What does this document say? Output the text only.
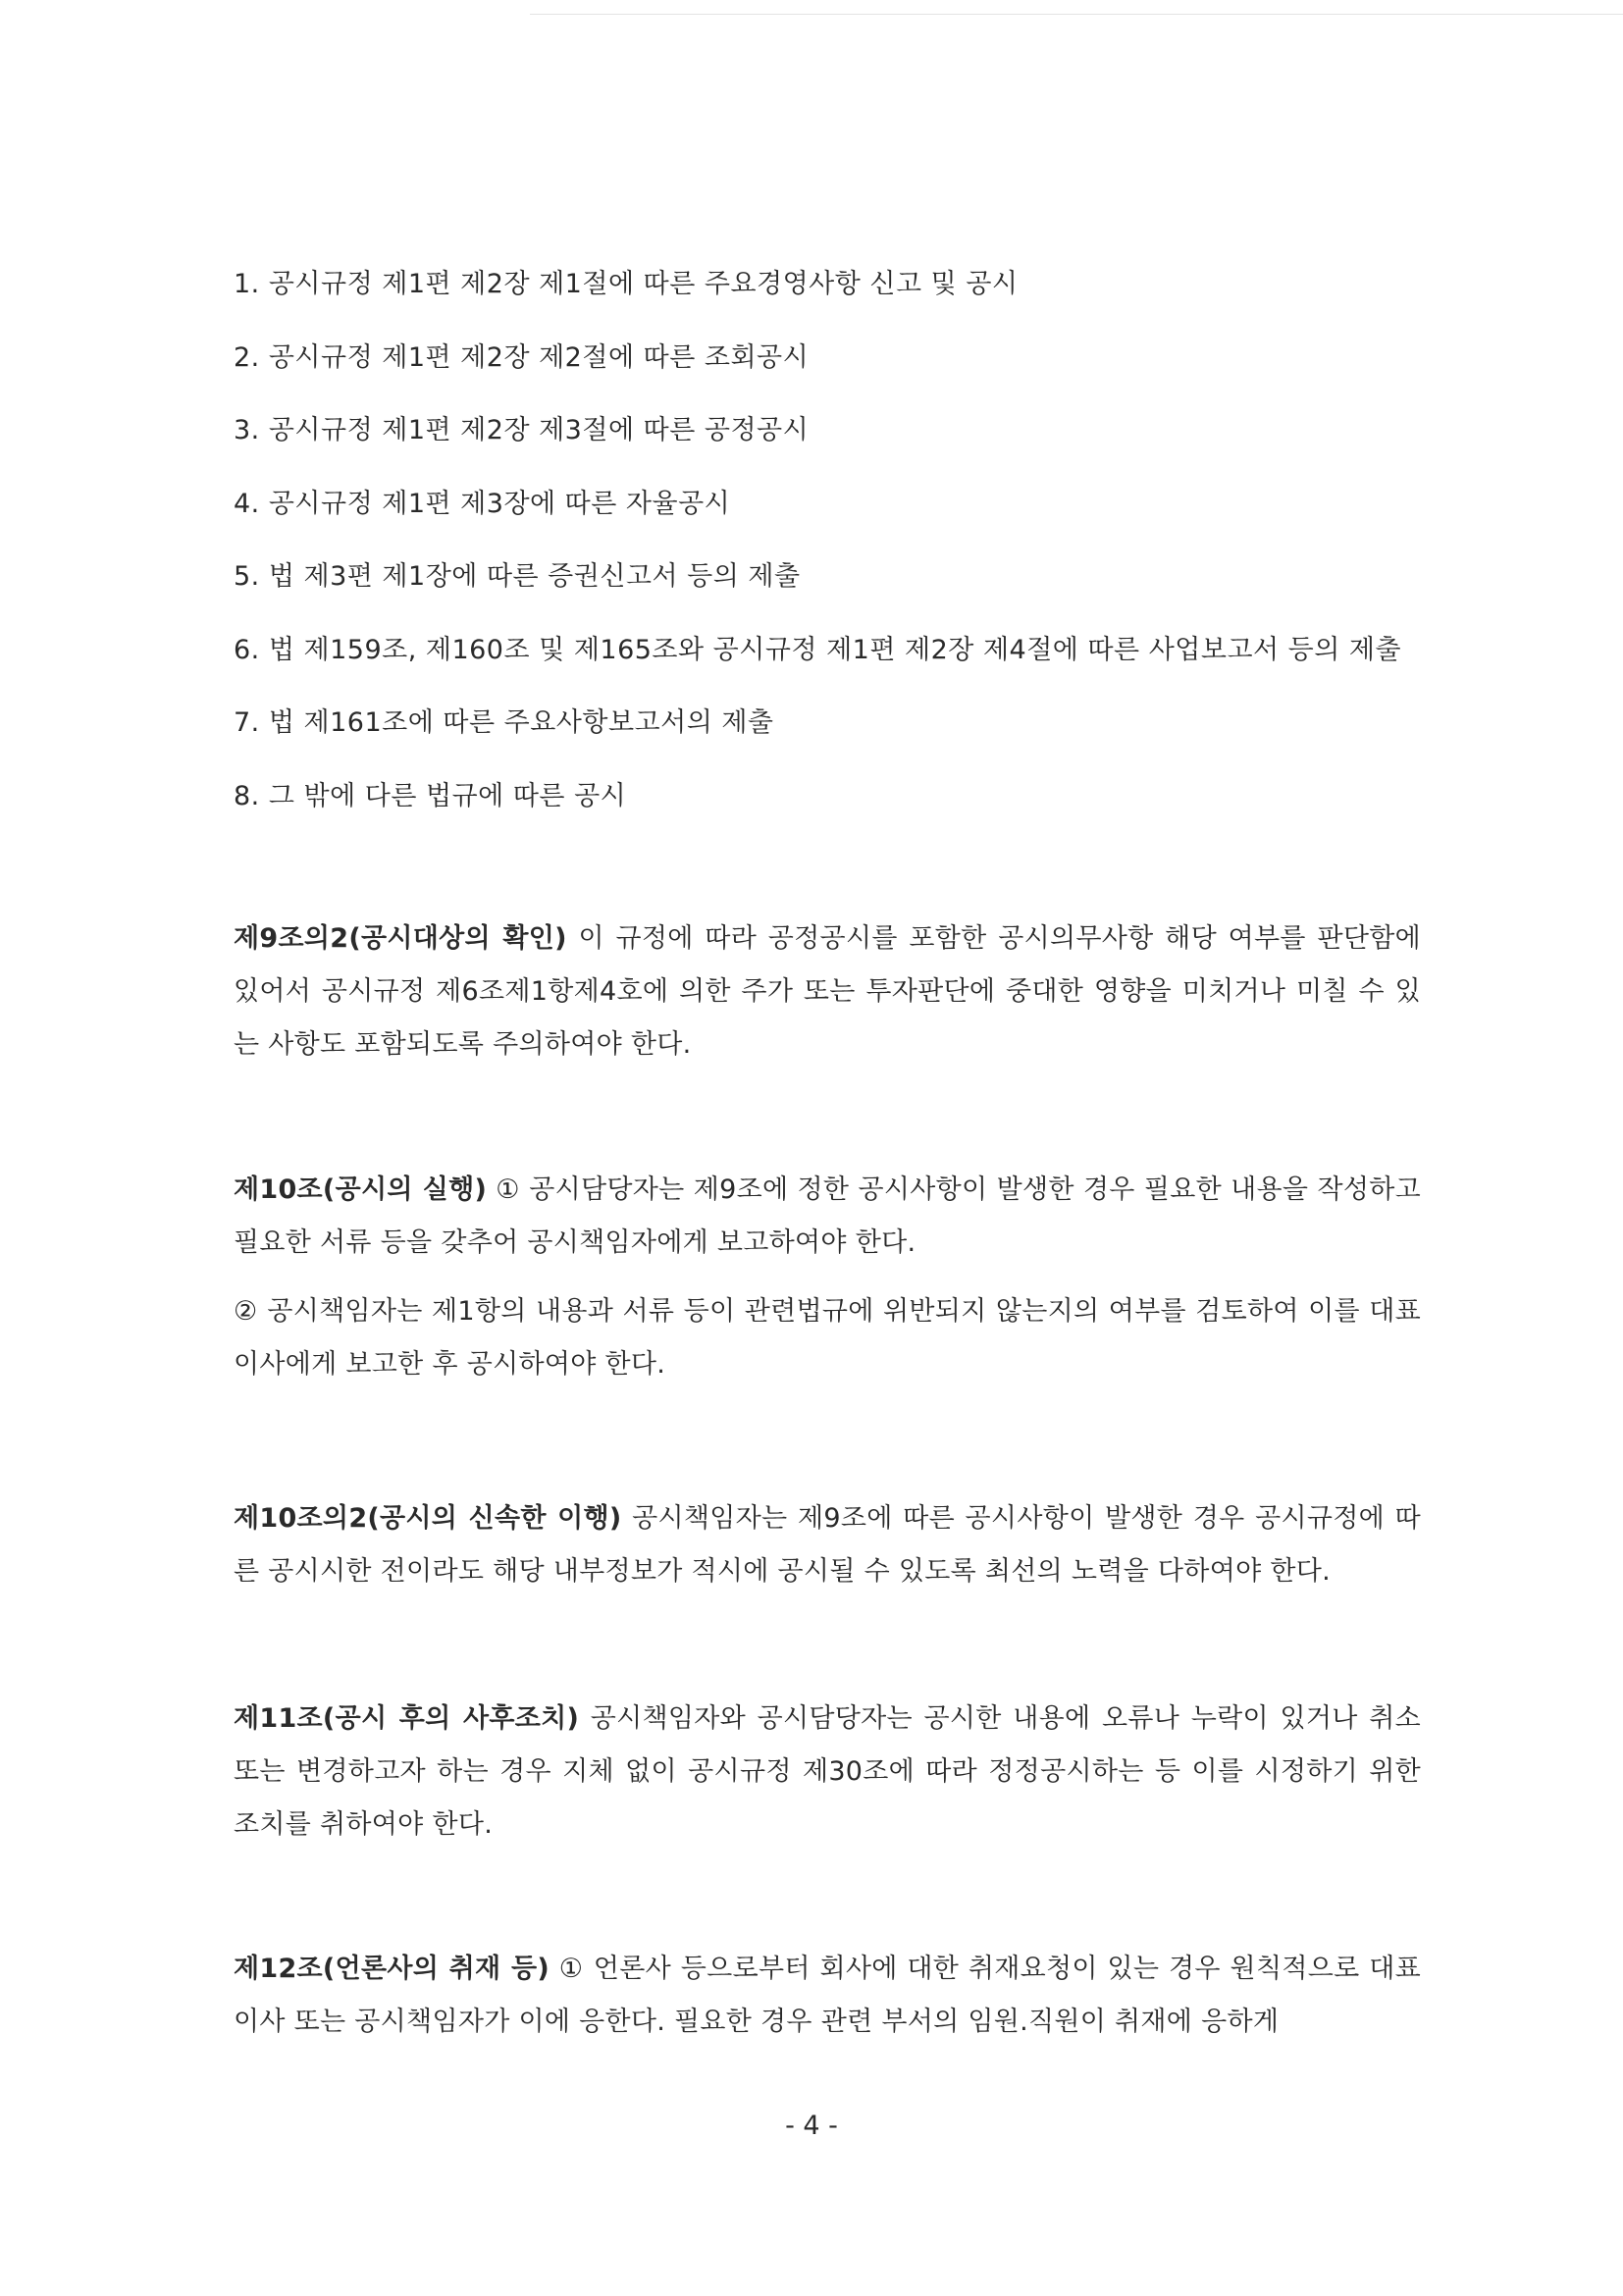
1. 공시규정 제1편 제2장 제1절에 따른 주요경영사항 신고 및 공시
2. 공시규정 제1편 제2장 제2절에 따른 조회공시
3. 공시규정 제1편 제2장 제3절에 따른 공정공시
4. 공시규정 제1편 제3장에 따른 자율공시
5. 법 제3편 제1장에 따른 증권신고서 등의 제출
6. 법 제159조, 제160조 및 제165조와 공시규정 제1편 제2장 제4절에 따른 사업보고서 등의 제출
7. 법 제161조에 따른 주요사항보고서의 제출
8. 그 밖에 다른 법규에 따른 공시

제9조의2(공시대상의 확인) 이 규정에 따라 공정공시를 포함한 공시의무사항 해당 여부를 판단함에 있어서 공시규정 제6조제1항제4호에 의한 주가 또는 투자판단에 중대한 영향을 미치거나 미칠 수 있는 사항도 포함되도록 주의하여야 한다.

제10조(공시의 실행) ① 공시담당자는 제9조에 정한 공시사항이 발생한 경우 필요한 내용을 작성하고 필요한 서류 등을 갖추어 공시책임자에게 보고하여야 한다.

② 공시책임자는 제1항의 내용과 서류 등이 관련법규에 위반되지 않는지의 여부를 검토하여 이를 대표이사에게 보고한 후 공시하여야 한다.

제10조의2(공시의 신속한 이행) 공시책임자는 제9조에 따른 공시사항이 발생한 경우 공시규정에 따른 공시시한 전이라도 해당 내부정보가 적시에 공시될 수 있도록 최선의 노력을 다하여야 한다.

제11조(공시 후의 사후조치) 공시책임자와 공시담당자는 공시한 내용에 오류나 누락이 있거나 취소 또는 변경하고자 하는 경우 지체 없이 공시규정 제30조에 따라 정정공시하는 등 이를 시정하기 위한 조치를 취하여야 한다.

제12조(언론사의 취재 등) ① 언론사 등으로부터 회사에 대한 취재요청이 있는 경우 원칙적으로 대표이사 또는 공시책임자가 이에 응한다. 필요한 경우 관련 부서의 임원.직원이 취재에 응하게

- 4 -
